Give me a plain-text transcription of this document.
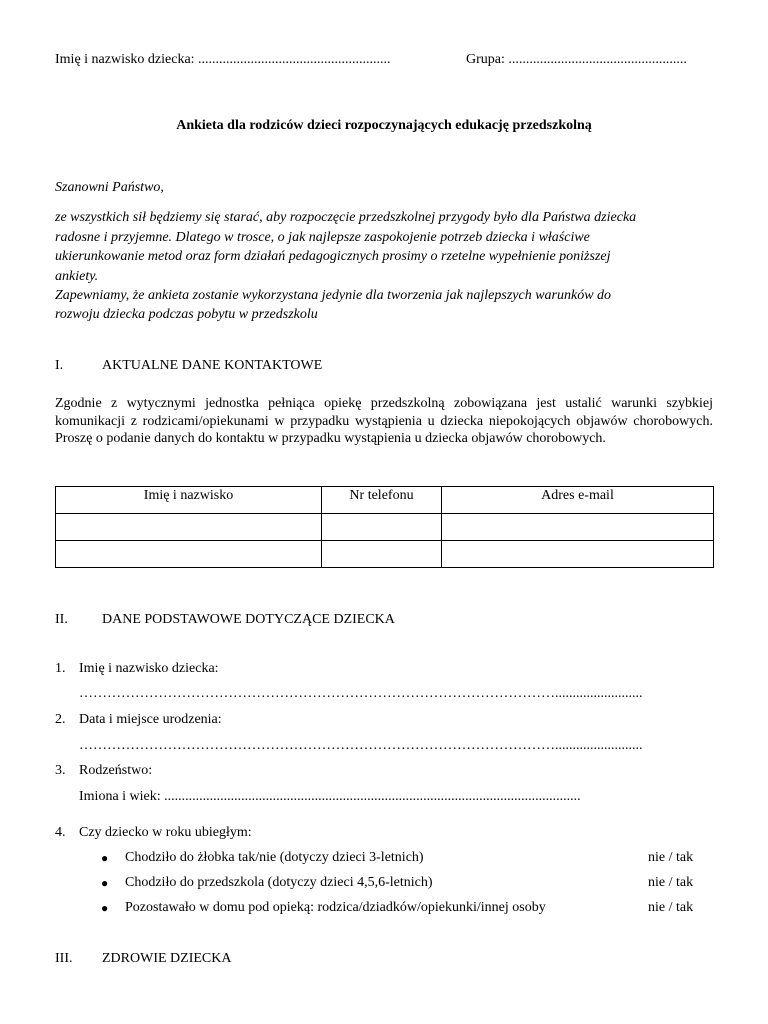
Imię i nazwisko dziecka: .......................................................	Grupa: ...................................................
Ankieta dla rodziców dzieci rozpoczynających edukację przedszkolną
Szanowni Państwo,
ze wszystkich sił będziemy się starać, aby rozpoczęcie przedszkolnej przygody było dla Państwa dziecka
radosne i przyjemne. Dlatego w trosce, o jak najlepsze zaspokojenie potrzeb dziecka i właściwe
ukierunkowanie metod oraz form działań pedagogicznych prosimy o rzetelne wypełnienie poniższej
ankiety.
Zapewniamy, że ankieta zostanie wykorzystana jedynie dla tworzenia jak najlepszych warunków do
rozwoju dziecka podczas pobytu w przedszkolu
I.	AKTUALNE DANE KONTAKTOWE
Zgodnie z wytycznymi jednostka pełniąca opiekę przedszkolną zobowiązana jest ustalić warunki szybkiej komunikacji z rodzicami/opiekunami w przypadku wystąpienia u dziecka niepokojących objawów chorobowych. Proszę o podanie danych do kontaktu w przypadku wystąpienia u dziecka objawów chorobowych.
Imię i nazwisko	Nr telefonu	Adres e-mail

II. DANE PODSTAWOWE DOTYCZĄCE DZIECKA
1. Imię i nazwisko dziecka:
………………………………………………………………………………………….........................
2. Data i miejsce urodzenia:
………………………………………………………………………………………….........................
3. Rodzeństwo:
Imiona i wiek: .......................................................................................................................
4. Czy dziecko w roku ubiegłym:
● Chodziło do żłobka tak/nie (dotyczy dzieci 3-letnich)	nie / tak
● Chodziło do przedszkola (dotyczy dzieci 4,5,6-letnich)	nie / tak
● Pozostawało w domu pod opieką: rodzica/dziadków/opiekunki/innej osoby	nie / tak
III. ZDROWIE DZIECKA
